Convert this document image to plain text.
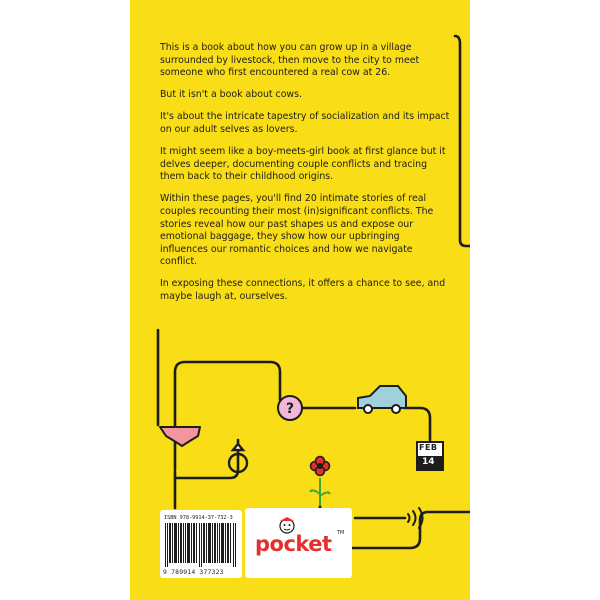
?
FEB
14

This is a book about how you can grow up in a village surrounded by livestock, then move to the city to meet someone who first encountered a real cow at 26.

But it isn't a book about cows.

It's about the intricate tapestry of socialization and its impact on our adult selves as lovers.

It might seem like a boy-meets-girl book at first glance but it delves deeper, documenting couple conflicts and tracing them back to their childhood origins.

Within these pages, you'll find 20 intimate stories of real couples recounting their most (in)significant conflicts. The stories reveal how our past shapes us and expose our emotional baggage, they show how our upbringing influences our romantic choices and how we navigate conflict.

In exposing these connections, it offers a chance to see, and maybe laugh at, ourselves.

ISBN 978-9914-37-732-3
9 789914 377323
pocket TM
